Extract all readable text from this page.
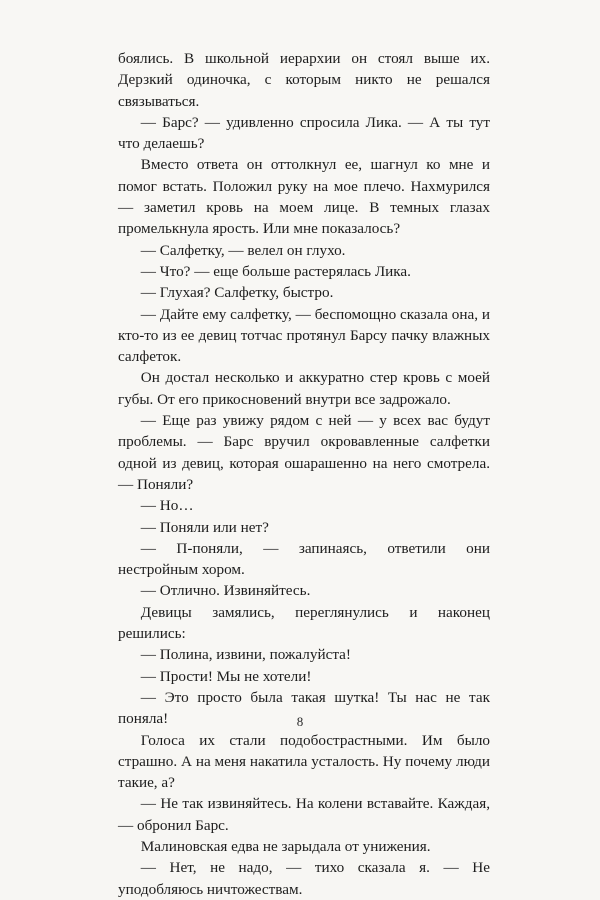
боялись. В школьной иерархии он стоял выше их. Дерзкий одиночка, с которым никто не решался связываться.

— Барс? — удивленно спросила Лика. — А ты тут что делаешь?

Вместо ответа он оттолкнул ее, шагнул ко мне и помог встать. Положил руку на мое плечо. Нахмурился — заметил кровь на моем лице. В темных глазах промелькнула ярость. Или мне показалось?

— Салфетку, — велел он глухо.

— Что? — еще больше растерялась Лика.

— Глухая? Салфетку, быстро.

— Дайте ему салфетку, — беспомощно сказала она, и кто-то из ее девиц тотчас протянул Барсу пачку влажных салфеток.

Он достал несколько и аккуратно стер кровь с моей губы. От его прикосновений внутри все задрожало.

— Еще раз увижу рядом с ней — у всех вас будут проблемы. — Барс вручил окровавленные салфетки одной из девиц, которая ошарашенно на него смотрела. — Поняли?

— Но…

— Поняли или нет?

— П-поняли, — запинаясь, ответили они нестройным хором.

— Отлично. Извиняйтесь.

Девицы замялись, переглянулись и наконец решились:

— Полина, извини, пожалуйста!

— Прости! Мы не хотели!

— Это просто была такая шутка! Ты нас не так поняла!

Голоса их стали подобострастными. Им было страшно. А на меня накатила усталость. Ну почему люди такие, а?

— Не так извиняйтесь. На колени вставайте. Каждая, — обронил Барс.

Малиновская едва не зарыдала от унижения.

— Нет, не надо, — тихо сказала я. — Не уподобляюсь ничтожествам.

8
